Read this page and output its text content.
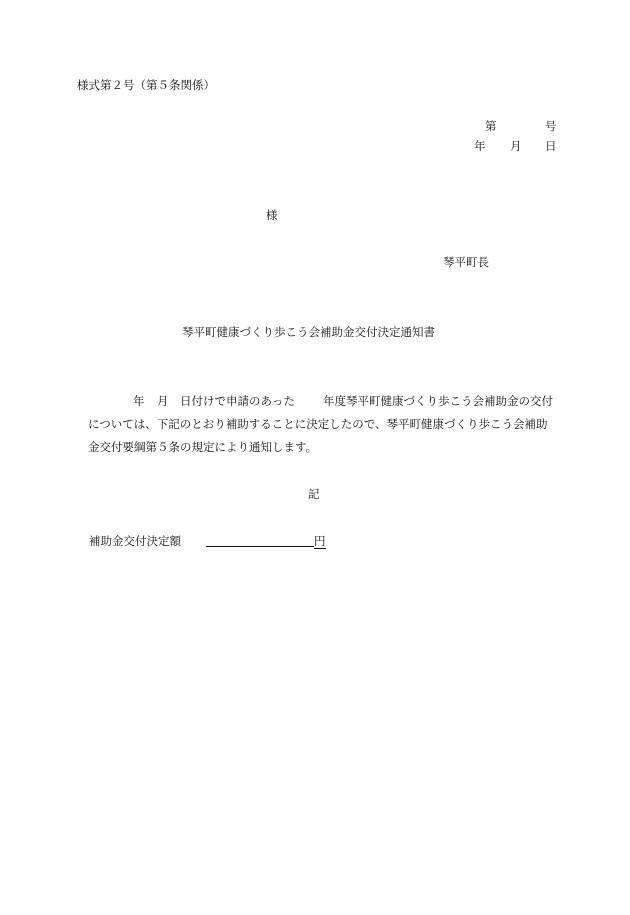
様式第２号（第５条関係）
第	号
年 月 日
様
琴平町長
琴平町健康づくり歩こう会補助金交付決定通知書
年 月 日付けで申請のあった 年度琴平町健康づくり歩こう会補助金の交付
については、下記のとおり補助することに決定したので、琴平町健康づくり歩こう会補助
金交付要綱第５条の規定により通知します。
記
補助金交付決定額	円
